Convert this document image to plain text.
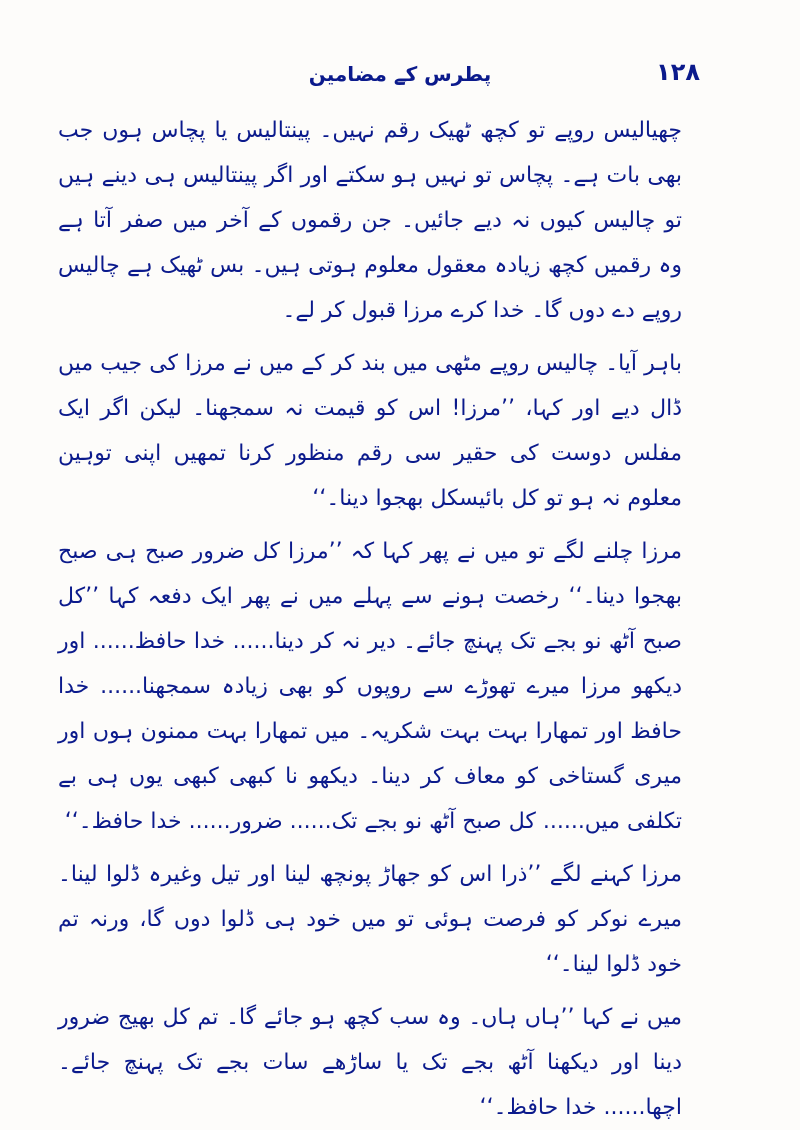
۱۲۸
پطرس کے مضامین

چھیالیس روپے تو کچھ ٹھیک رقم نہیں۔ پینتالیس یا پچاس ہوں جب بھی بات ہے۔ پچاس تو نہیں ہو سکتے اور اگر پینتالیس ہی دینے ہیں تو چالیس کیوں نہ دیے جائیں۔ جن رقموں کے آخر میں صفر آتا ہے وہ رقمیں کچھ زیادہ معقول معلوم ہوتی ہیں۔ بس ٹھیک ہے چالیس روپے دے دوں گا۔ خدا کرے مرزا قبول کر لے۔

باہر آیا۔ چالیس روپے مٹھی میں بند کر کے میں نے مرزا کی جیب میں ڈال دیے اور کہا، ’’مرزا! اس کو قیمت نہ سمجھنا۔ لیکن اگر ایک مفلس دوست کی حقیر سی رقم منظور کرنا تمھیں اپنی توہین معلوم نہ ہو تو کل بائیسکل بھجوا دینا۔‘‘

مرزا چلنے لگے تو میں نے پھر کہا کہ ’’مرزا کل ضرور صبح ہی صبح بھجوا دینا۔‘‘ رخصت ہونے سے پہلے میں نے پھر ایک دفعہ کہا ’’کل صبح آٹھ نو بجے تک پہنچ جائے۔ دیر نہ کر دینا...... خدا حافظ...... اور دیکھو مرزا میرے تھوڑے سے روپوں کو بھی زیادہ سمجھنا...... خدا حافظ اور تمھارا بہت بہت شکریہ۔ میں تمھارا بہت ممنون ہوں اور میری گستاخی کو معاف کر دینا۔ دیکھو نا کبھی کبھی یوں ہی بے تکلفی میں...... کل صبح آٹھ نو بجے تک...... ضرور...... خدا حافظ۔‘‘

مرزا کہنے لگے ’’ذرا اس کو جھاڑ پونچھ لینا اور تیل وغیرہ ڈلوا لینا۔ میرے نوکر کو فرصت ہوئی تو میں خود ہی ڈلوا دوں گا، ورنہ تم خود ڈلوا لینا۔‘‘

میں نے کہا ’’ہاں ہاں۔ وہ سب کچھ ہو جائے گا۔ تم کل بھیج ضرور دینا اور دیکھنا آٹھ بجے تک یا ساڑھے سات بجے تک پہنچ جائے۔ اچھا...... خدا حافظ۔‘‘
